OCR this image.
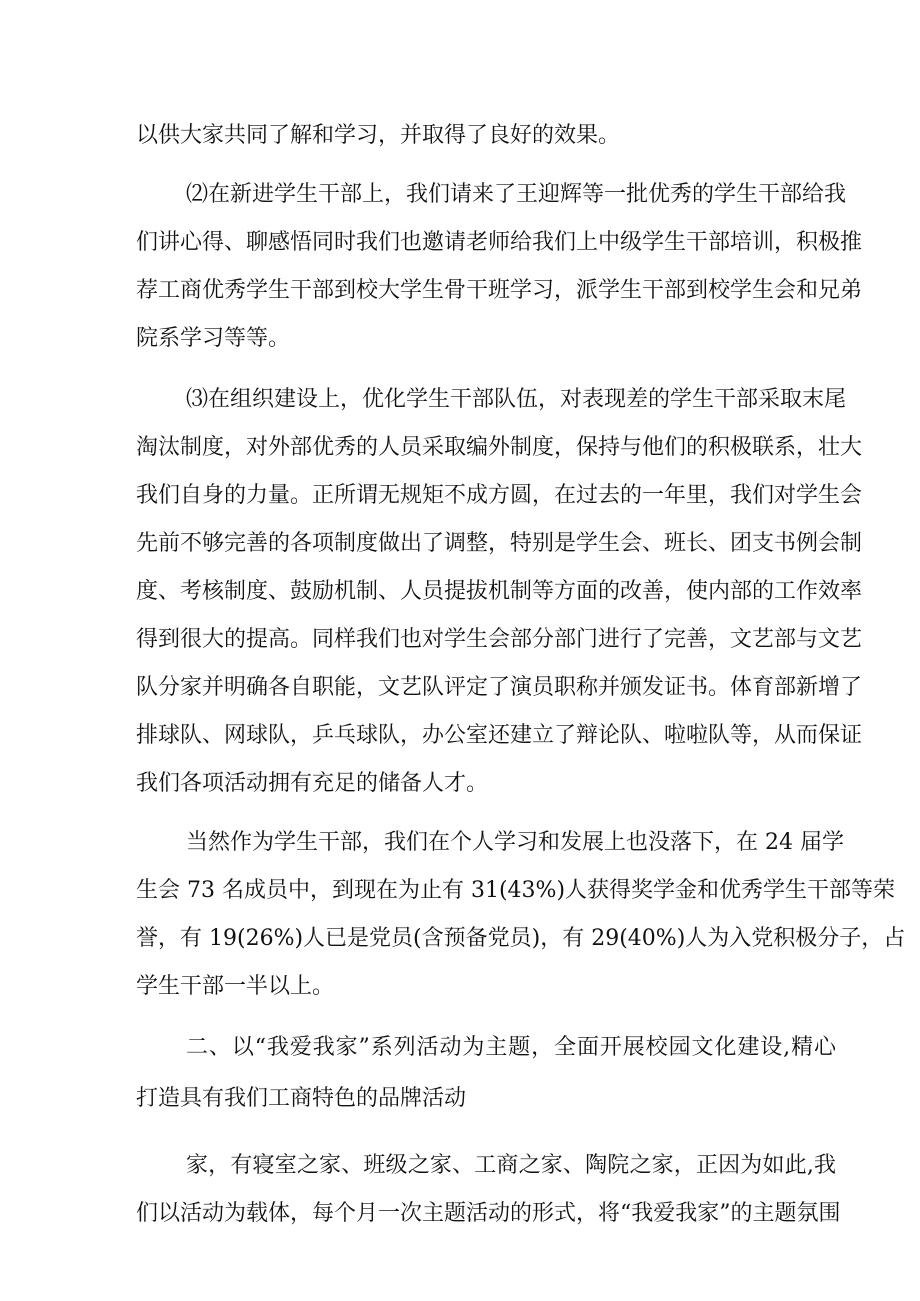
以供大家共同了解和学习，并取得了良好的效果。
⑵在新进学生干部上，我们请来了王迎辉等一批优秀的学生干部给我
们讲心得、聊感悟同时我们也邀请老师给我们上中级学生干部培训，积极推
荐工商优秀学生干部到校大学生骨干班学习，派学生干部到校学生会和兄弟
院系学习等等。
⑶在组织建设上，优化学生干部队伍，对表现差的学生干部采取末尾
淘汰制度，对外部优秀的人员采取编外制度，保持与他们的积极联系，壮大
我们自身的力量。正所谓无规矩不成方圆，在过去的一年里，我们对学生会
先前不够完善的各项制度做出了调整，特别是学生会、班长、团支书例会制
度、考核制度、鼓励机制、人员提拔机制等方面的改善，使内部的工作效率
得到很大的提高。同样我们也对学生会部分部门进行了完善，文艺部与文艺
队分家并明确各自职能，文艺队评定了演员职称并颁发证书。体育部新增了
排球队、网球队，乒乓球队，办公室还建立了辩论队、啦啦队等，从而保证
我们各项活动拥有充足的储备人才。
当然作为学生干部，我们在个人学习和发展上也没落下，在 24 届学
生会 73 名成员中，到现在为止有 31(43%)人获得奖学金和优秀学生干部等荣
誉，有 19(26%)人已是党员(含预备党员)，有 29(40%)人为入党积极分子，占
学生干部一半以上。
二、以“我爱我家”系列活动为主题，全面开展校园文化建设,精心
打造具有我们工商特色的品牌活动
家，有寝室之家、班级之家、工商之家、陶院之家，正因为如此,我
们以活动为载体，每个月一次主题活动的形式，将“我爱我家”的主题氛围
